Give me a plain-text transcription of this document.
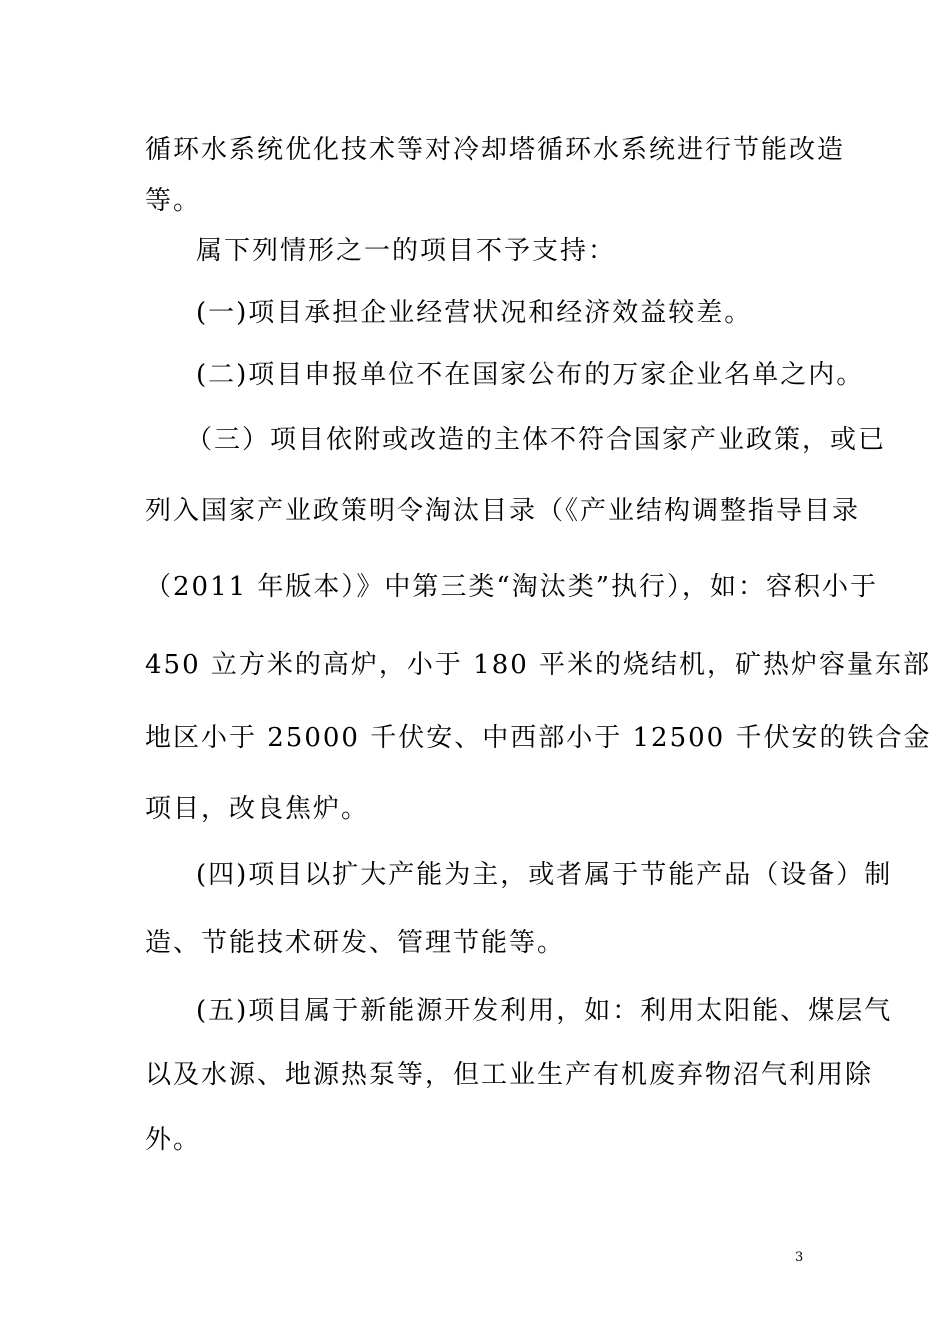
循环水系统优化技术等对冷却塔循环水系统进行节能改造
等。
属下列情形之一的项目不予支持：
(一)项目承担企业经营状况和经济效益较差。
(二)项目申报单位不在国家公布的万家企业名单之内。
（三）项目依附或改造的主体不符合国家产业政策，或已
列入国家产业政策明令淘汰目录（《产业结构调整指导目录
（2011 年版本）》中第三类“淘汰类”执行），如：容积小于
450 立方米的高炉，小于 180 平米的烧结机，矿热炉容量东部
地区小于 25000 千伏安、中西部小于 12500 千伏安的铁合金
项目，改良焦炉。
(四)项目以扩大产能为主，或者属于节能产品（设备）制
造、节能技术研发、管理节能等。
(五)项目属于新能源开发利用，如：利用太阳能、煤层气
以及水源、地源热泵等，但工业生产有机废弃物沼气利用除
外。
3
